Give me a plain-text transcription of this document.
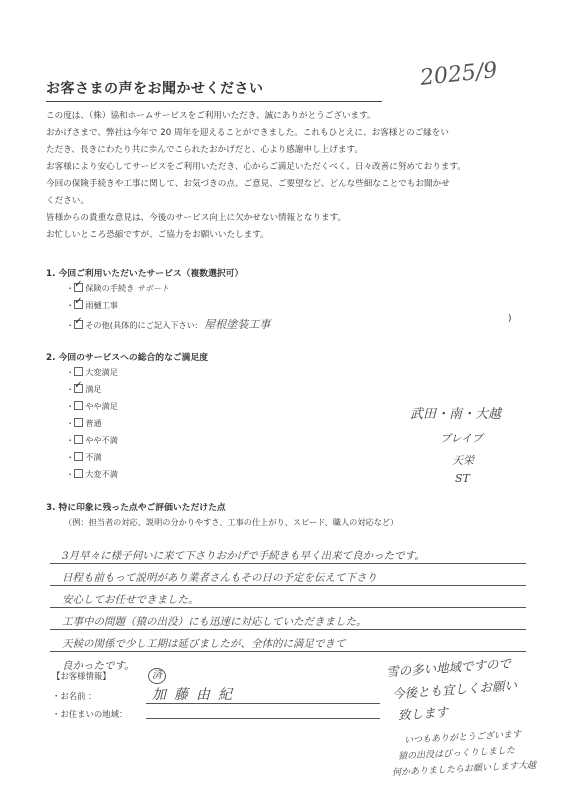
お客さまの声をお聞かせください	2025/9

この度は、（株）協和ホームサービスをご利用いただき、誠にありがとうございます。

おかげさまで、弊社は今年で 20 周年を迎えることができました。これもひとえに、お客様とのご縁をい

ただき、長きにわたり共に歩んでこられたおかげだと、心より感謝申し上げます。

お客様により安心してサービスをご利用いただき、心からご満足いただくべく、日々改善に努めております。

今回の保険手続きや工事に関して、お気づきの点、ご意見、ご要望など、どんな些細なことでもお聞かせ

ください。

皆様からの貴重な意見は、今後のサービス向上に欠かせない情報となります。

お忙しいところ恐縮ですが、ご協力をお願いいたします。

1. 今回ご利用いただいたサービス（複数選択可）
・ ✓ 保険の手続き サポート
・ ✓ 雨樋工事
・ ✓ その他(具体的にご記入下さい: 屋根塗装工事	)
2. 今回のサービスへの総合的なご満足度
・ 大変満足
・ ✓ 満足
・ やや満足
・ 普通
・ やや不満
・ 不満
・ 大変不満
武田・南・大越
ブレイブ
天栄
ST
3. 特に印象に残った点やご評価いただけた点
（例：担当者の対応、説明の分かりやすさ、工事の仕上がり、スピード、職人の対応など）
3月早々に様子伺いに来て下さりおかげで手続きも早く出来て良かったです。
日程も前もって説明があり業者さんもその日の予定を伝えて下さり
安心してお任せできました。
工事中の問題（猿の出没）にも迅速に対応していただきました。
天候の関係で少し工期は延びましたが、全体的に満足できて
良かったです。
【お客様情報】
・お名前 ：	加藤由紀
済
・お住まいの地域：
雪の多い地域ですので
今後とも宜しくお願い
致します
いつもありがとうございます
猿の出没はびっくりしました
何かありましたらお願いします 大越
